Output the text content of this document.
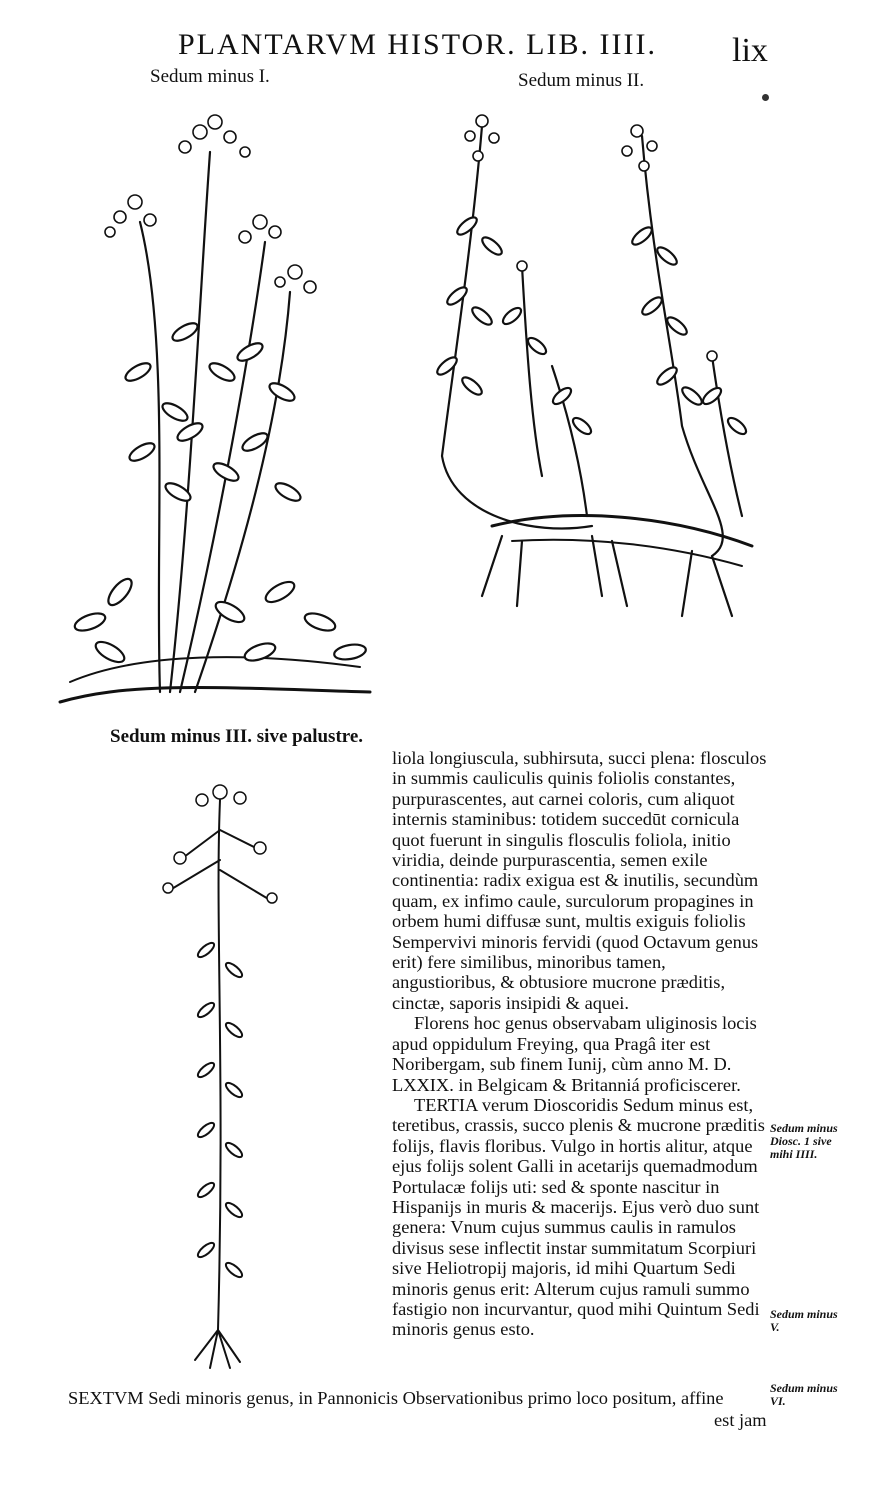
PLANTARVM HISTOR. LIB. IIII. lix
Sedum minus I.	Sedum minus II.
Sedum minus III. sive palustre.

liola longiuscula, subhirsuta, succi plena: flosculos in summis cauliculis quinis foliolis constantes, purpurascentes, aut carnei coloris, cum aliquot internis staminibus: totidem succedūt cornicula quot fuerunt in singulis flosculis foliola, initio viridia, deinde purpurascentia, semen exile continentia: radix exigua est & inutilis, secundùm quam, ex infimo caule, surculorum propagines in orbem humi diffusæ sunt, multis exiguis foliolis Sempervivi minoris fervidi (quod Octavum genus erit) fere similibus, minoribus tamen, angustioribus, & obtusiore mucrone præditis, cinctæ, saporis insipidi & aquei.

Florens hoc genus observabam uliginosis locis apud oppidulum Freying, qua Pragâ iter est Noribergam, sub finem Iunij, cùm anno M. D. LXXIX. in Belgicam & Britanniá proficiscerer.

TERTIA verum Dioscoridis Sedum minus est, teretibus, crassis, succo plenis & mucrone præditis folijs, flavis floribus. Vulgo in hortis alitur, atque ejus folijs solent Galli in acetarijs quemadmodum Portulacæ folijs uti: sed & sponte nascitur in Hispanijs in muris & macerijs. Ejus verò duo sunt genera: Vnum cujus summus caulis in ramulos divisus sese inflectit instar summitatum Scorpiuri sive Heliotropij majoris, id mihi Quartum Sedi minoris genus erit: Alterum cujus ramuli summo fastigio non incurvantur, quod mihi Quintum Sedi minoris genus esto.

Sedum minus Diosc. 1 sive mihi IIII.
Sedum minus V.
Sedum minus VI.
SEXTVM Sedi minoris genus, in Pannonicis Observationibus primo loco positum, affine
est jam
